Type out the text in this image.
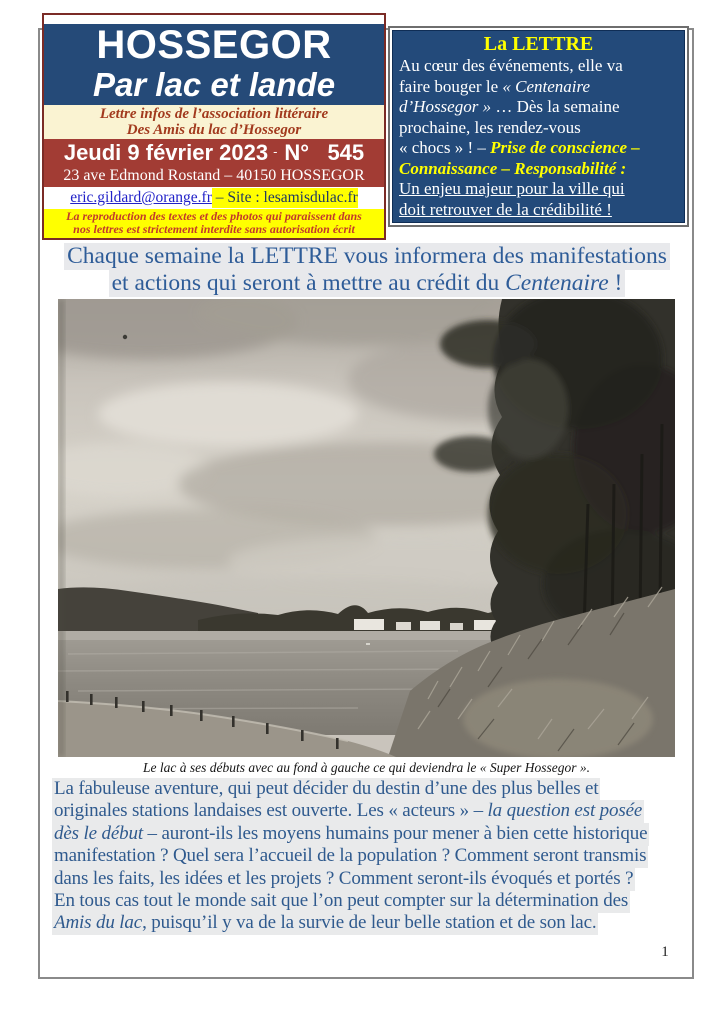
HOSSEGOR
Par lac et lande
Lettre infos de l’association littéraire
Des Amis du lac d’Hossegor
Jeudi 9 février 2023 - N°   545
23 ave Edmond Rostand – 40150 HOSSEGOR
eric.gildard@orange.fr – Site : lesamisdulac.fr
La reproduction des textes et des photos qui paraissent dans
nos lettres est strictement interdite sans autorisation écrit
La LETTRE
Au cœur des événements, elle va
faire bouger le « Centenaire
d’Hossegor » … Dès la semaine
prochaine, les rendez-vous
« chocs » ! – Prise de conscience –
Connaissance – Responsabilité :
Un enjeu majeur pour la ville qui
doit retrouver de la crédibilité !
Chaque semaine la LETTRE vous informera des manifestations
et actions qui seront à mettre au crédit du Centenaire !
Le lac à ses débuts avec au fond à gauche ce qui deviendra le « Super Hossegor ».
La fabuleuse aventure, qui peut décider du destin d’une des plus belles et
originales stations landaises est ouverte. Les « acteurs » – la question est posée
dès le début – auront-ils les moyens humains pour mener à bien cette historique
manifestation ? Quel sera l’accueil de la population ? Comment seront transmis
dans les faits, les idées et les projets ? Comment seront-ils évoqués et portés ?
En tous cas tout le monde sait que l’on peut compter sur la détermination des
Amis du lac, puisqu’il y va de la survie de leur belle station et de son lac.
1
